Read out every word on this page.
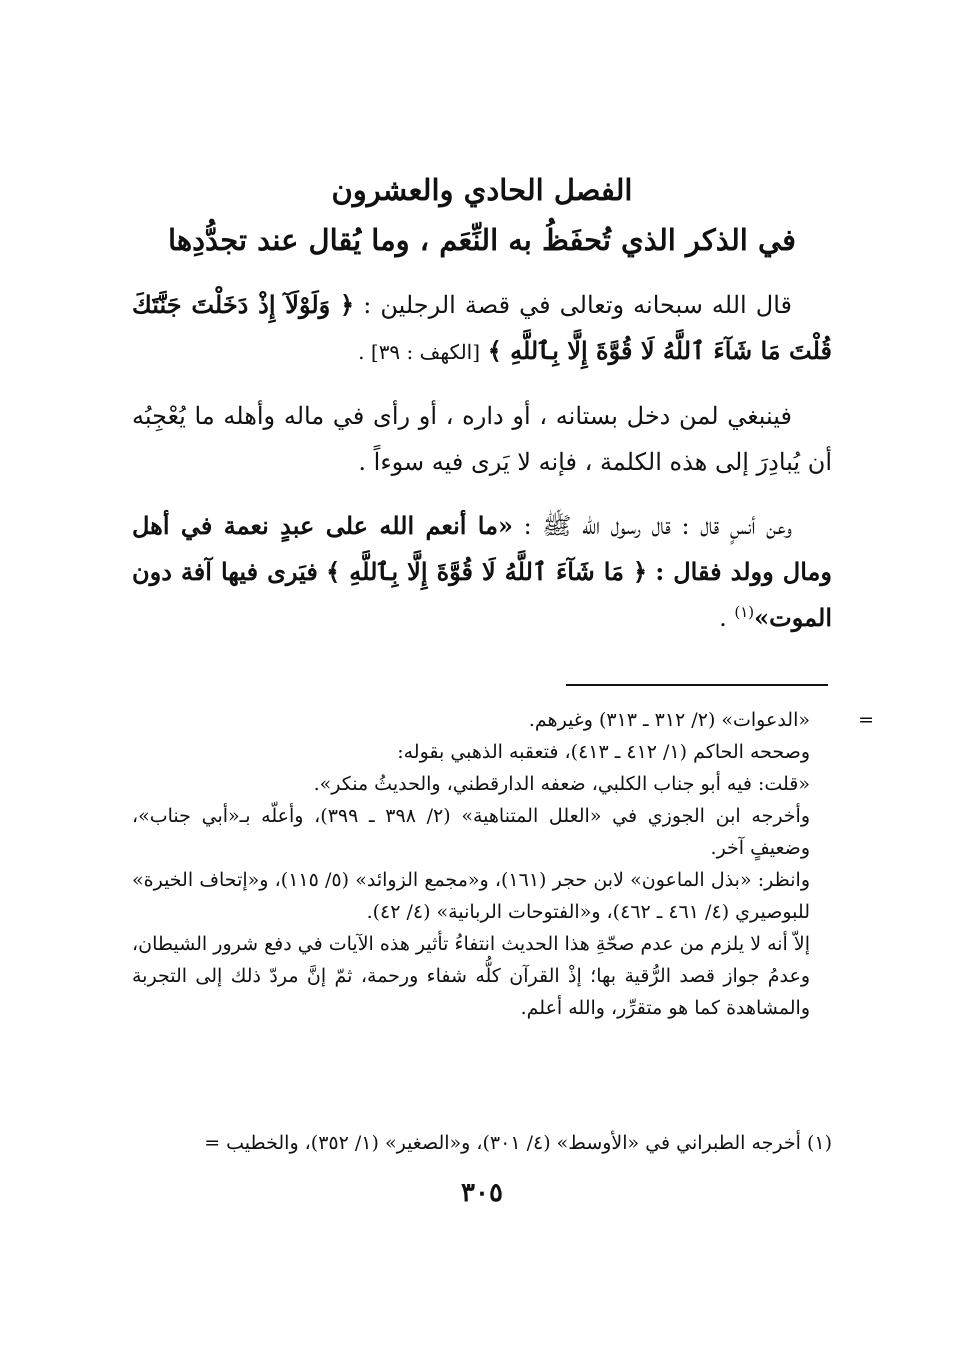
الفصل الحادي والعشرون
في الذكر الذي تُحفَظُ به النِّعَم ، وما يُقال عند تجدُّدِها

قال الله سبحانه وتعالى في قصة الرجلين : ﴿ وَلَوْلَآ إِذْ دَخَلْتَ جَنَّتَكَ قُلْتَ مَا شَآءَ ٱللَّهُ لَا قُوَّةَ إِلَّا بِٱللَّهِ ﴾ [الكهف : ٣٩] .

فينبغي لمن دخل بستانه ، أو داره ، أو رأى في ماله وأهله ما يُعْجِبُه أن يُبادِرَ إلى هذه الكلمة ، فإنه لا يَرى فيه سوءاً .

وعن أنسٍ قال : قال رسول الله ﷺ : «ما أنعم الله على عبدٍ نعمة في أهل ومال وولد فقال : ﴿ مَا شَآءَ ٱللَّهُ لَا قُوَّةَ إِلَّا بِٱللَّهِ ﴾ فيَرى فيها آفة دون الموت»$^{(١)}$ .

=

«الدعوات» (٢/ ٣١٢ ـ ٣١٣) وغيرهم.

وصححه الحاكم (١/ ٤١٢ ـ ٤١٣)، فتعقبه الذهبي بقوله:

«قلت: فيه أبو جناب الكلبي، ضعفه الدارقطني، والحديثُ منكر».

وأخرجه ابن الجوزي في «العلل المتناهية» (٢/ ٣٩٨ ـ ٣٩٩)، وأعلّه بـ«أبي جناب»، وضعيفٍ آخر.

وانظر: «بذل الماعون» لابن حجر (١٦١)، و«مجمع الزوائد» (٥/ ١١٥)، و«إتحاف الخيرة» للبوصيري (٤/ ٤٦١ ـ ٤٦٢)، و«الفتوحات الربانية» (٤/ ٤٢).

إلاّ أنه لا يلزم من عدم صحّةِ هذا الحديث انتفاءُ تأثير هذه الآيات في دفع شرور الشيطان، وعدمُ جواز قصد الرُّقية بها؛ إذْ القرآن كلُّه شفاء ورحمة، ثمّ إنَّ مردّ ذلك إلى التجربة والمشاهدة كما هو متقرِّر، والله أعلم.

(١) أخرجه الطبراني في «الأوسط» (٤/ ٣٠١)، و«الصغير» (١/ ٣٥٢)، والخطيب =

٣٠٥
